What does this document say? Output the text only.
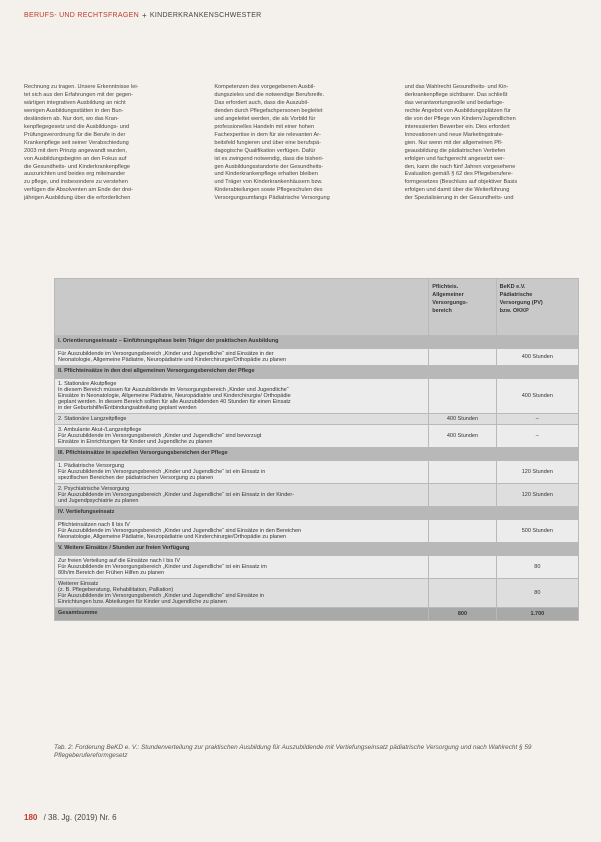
BERUFS- UND RECHTSFRAGEN + KINDERKRANKENSCHWESTER
Rechnung zu tragen. Unsere Erkenntnisse lei-
tet sich aus den Erfahrungen mit der gegen-
wärtigen integrativen Ausbildung an nicht
wenigen Ausbildungsstätten in den Bun-
desländern ab. Nur dort, wo das Kran-
kenpflegegesetz und die Ausbildungs- und
Prüfungsverordnung für die Berufe in der
Krankenpflege seit seiner Verabschiedung
2003 mit dem Prinzip angewandt wurden,
von Ausbildungsbeginn an den Fokus auf
die Gesundheits- und Kinderkrankenpflege
auszurichten und beides erg miteinander
zu pflege, und insbesondere zu verstehen
verfügen die Absolventen am Ende der drei-
jährigen Ausbildung über die erforderlichen
Kompetenzen des vorgegebenen Ausbil-
dungszieles und die notwendige Berufsreife.
Das erfordert auch, dass die Auszubil-
denden durch Pflegefachpersonen begleitet
und angeleitet werden, die als Vorbild für
professionelles Handeln mit einer hohen
Fachexpertise in dem für sie relevanten Ar-
beitsfeld fungieren und über eine berufspä-
dagogische Qualifikation verfügen. Dafür
ist es zwingend notwendig, dass die bisheri-
gen Ausbildungsstandorte der Gesundheits-
und Kinderkrankenpflege erhalten bleiben
und Träger von Kinderkrankenhäusern bzw.
Kinderabteilungen sowie Pflegeschulen des
Versorgungsumfangs Pädiatrische Versorgung
und das Wahlrecht Gesundheits- und Kin-
derkrankenpflege sichtbarer. Das schließt
das verantwortungsvolle und bedarfsge-
rechte Angebot von Ausbildungsplätzen für
die von der Pflege von Kindern/Jugendlichen
interessierten Bewerber ein. Dies erfordert
Innovationen und neue Marketingstrate-
gien. Nur wenn mit der allgemeinen Pfl-
geausbildung die pädiatrischen Vertiefen
erfolgen und fachgerecht angesetzt wer-
den, kann die nach fünf Jahren vorgesehene
Evaluation gemäß § 62 des Pflegeberufere-
formgesetzes (Beschluss auf objektiver Basis
erfolgen und damit über die Weiterführung
der Spezialisierung in der Gesundheits- und

	Pflichteis.
Allgemeiner
Versorgungs-
bereich	BeKD e.V.
Pädiatrische
Versorgung (PV)
bzw. OKKP

I. Orientierungseinsatz – Einführungsphase beim Träger der praktischen Ausbildung		

Für Auszubildende im Versorgungsbereich „Kinder und Jugendliche“ sind Einsätze in der
Neonatologie, Allgemeine Pädiatrie, Neuropädiatrie und Kinderchirurgie/Orthopädie zu planen		400 Stunden

II. Pflichteinsätze in den drei allgemeinen Versorgungsbereichen der Pflege		

1. Stationäre Akutpflege
In diesem Bereich müssen für Auszubildende im Versorgungsbereich „Kinder und Jugendliche“
Einsätze in Neonatologie, Allgemeine Pädiatrie, Neuropädiatrie und Kinderchirurgie/ Orthopädie
geplant werden. In diesem Bereich sollten für alle Auszubildenden 40 Stunden für einen Einsatz
in der Geburtshilfe/Entbindungsabteilung geplant werden		400 Stunden

2. Stationäre Langzeitpflege	400 Stunden	–

3. Ambulante Akut-/Langzeitpflege
Für Auszubildende im Versorgungsbereich „Kinder und Jugendliche“ sind bevorzugt
Einsätze in Einrichtungen für Kinder und Jugendliche zu planen	400 Stunden	–

III. Pflichteinsätze in speziellen Versorgungsbereichen der Pflege		

1. Pädiatrische Versorgung
Für Auszubildende im Versorgungsbereich „Kinder und Jugendliche“ ist ein Einsatz in
spezifischen Bereichen der pädiatrischen Versorgung zu planen		120 Stunden

2. Psychiatrische Versorgung
Für Auszubildende im Versorgungsbereich „Kinder und Jugendliche“ ist ein Einsatz in der Kinder-
und Jugendpsychiatrie zu planen		120 Stunden

IV. Vertiefungseinsatz		

Pflichteinsätzen nach II bis IV
Für Auszubildende im Versorgungsbereich „Kinder und Jugendliche“ sind Einsätze in den Bereichen
Neonatologie, Allgemeine Pädiatrie, Neuropädiatrie und Kinderchirurgie/Orthopädie zu planen		500 Stunden

V. Weitere Einsätze / Stunden zur freien Verfügung		

Zur freien Verteilung auf die Einsätze nach I bis IV
Für Auszubildende im Versorgungsbereich „Kinder und Jugendliche“ ist ein Einsatz im
80h/im Bereich der Frühen Hilfen zu planen		80

Weiterer Einsatz
(z. B. Pflegeberatung, Rehabilitation, Palliation)
Für Auszubildende im Versorgungsbereich „Kinder und Jugendliche“ sind Einsätze in
Einrichtungen bzw. Abteilungen für Kinder und Jugendliche zu planen		80

Gesamtsumme	800	1.700
Tab. 2: Forderung BeKD e. V.: Stundenverteilung zur praktischen Ausbildung für Auszubildende mit Vertiefungseinsatz pädiatrische Versorgung und nach Wahlrecht § 59 Pflegeberufereformgesetz
180 / 38. Jg. (2019) Nr. 6
